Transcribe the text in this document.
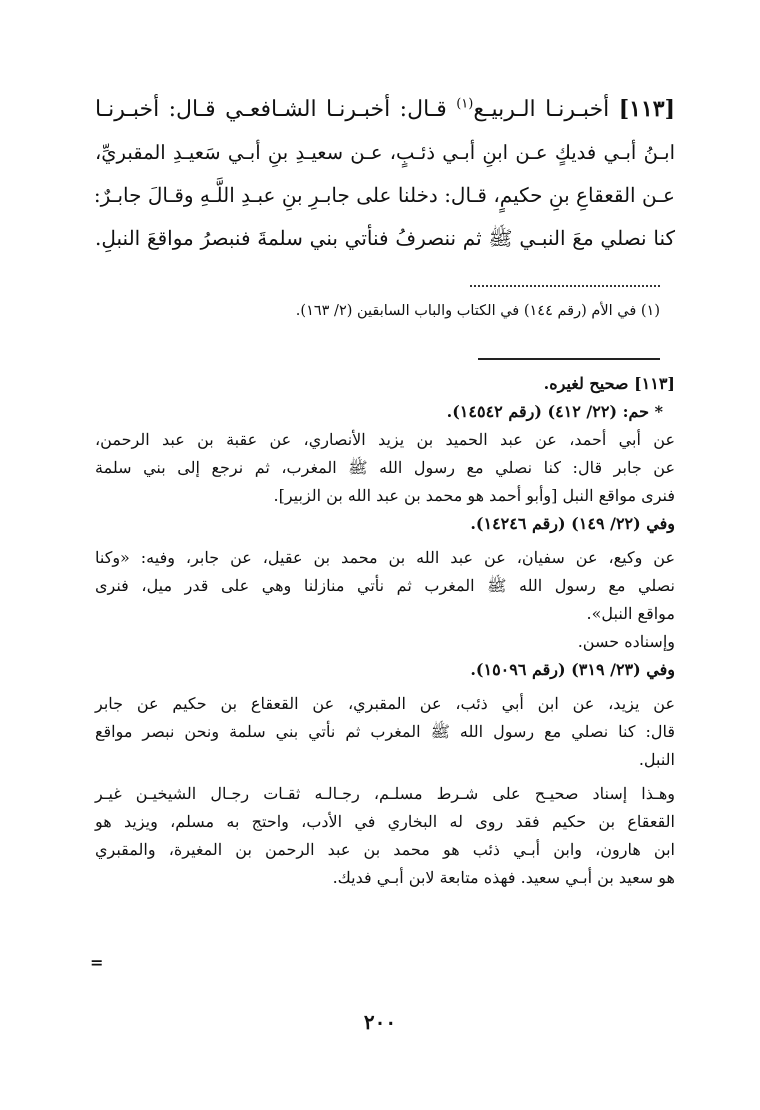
[١١٣] أخبـرنـا الـربيـع$^{(١)}$ قـال: أخبـرنـا الشـافعـي قـال: أخبـرنـا
ابـنُ أبـي فديكٍ عـن ابنِ أبـي ذئـبٍ، عـن سعيـدِ بنِ أبـي سَعيـدِ المقبريِّ،
عـن القعقاعِ بنِ حكيمٍ، قـال: دخلنا على جابـرِ بنِ عبـدِ اللَّـهِ وقـالَ جابـرٌ:
كنا نصلي معَ النبـي ﷺ ثم ننصرفُ فنأتي بني سلمةَ فنبصرُ مواقعَ النبلِ.
(١) في الأم (رقم ١٤٤) في الكتاب والباب السابقين (٢/ ١٦٣).
[١١٣] صحيح لغيره.
* حم: (٢٢/ ٤١٢) (رقم ١٤٥٤٢).
عن أبي أحمد، عن عبد الحميد بن يزيد الأنصاري، عن عقبة بن عبد الرحمن،
عن جابر قال: كنا نصلي مع رسول الله ﷺ المغرب، ثم نرجع إلى بني سلمة
فنرى مواقع النبل [وأبو أحمد هو محمد بن عبد الله بن الزبير].
وفي (٢٢/ ١٤٩) (رقم ١٤٢٤٦).
عن وكيع، عن سفيان، عن عبد الله بن محمد بن عقيل، عن جابر، وفيه: «وكنا
نصلي مع رسول الله ﷺ المغرب ثم نأتي منازلنا وهي على قدر ميل، فنرى
مواقع النبل».
وإسناده حسن.
وفي (٢٣/ ٣١٩) (رقم ١٥٠٩٦).
عن يزيد، عن ابن أبي ذئب، عن المقبري، عن القعقاع بن حكيم عن جابر
قال: كنا نصلي مع رسول الله ﷺ المغرب ثم نأتي بني سلمة ونحن نبصر مواقع
النبل.
وهـذا إسناد صحيـح على شـرط مسلـم، رجـالـه ثقـات رجـال الشيخيـن غيـر
القعقاع بن حكيم فقد روى له البخاري في الأدب، واحتج به مسلم، ويزيد هو
ابن هارون، وابن أبـي ذئب هو محمد بن عبد الرحمن بن المغيرة، والمقبري
هو سعيد بن أبـي سعيد. فهذه متابعة لابن أبـي فديك.
=
٢٠٠
